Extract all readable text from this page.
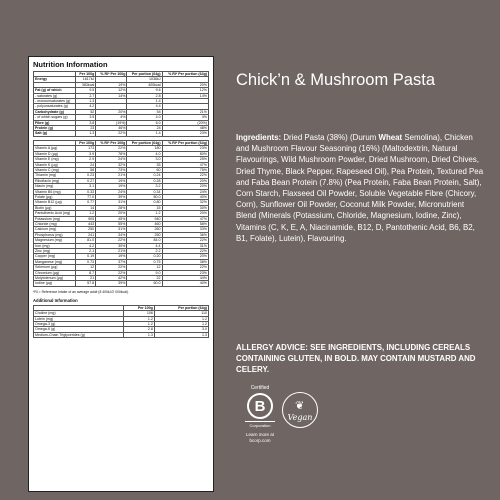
Nutrition Information
	Per 100g	% RI* Per 100g	Per portion (64g)	% RI* Per portion (64g)
Energy	1617kJ		1036kJ	
	383kcal	19%	400kcal	20%
Fat (g) of which	9.5	12%	9.6	12%
- saturates (g)	2.7	14%	2.8	14%
- monounsaturates (g)	1.3		1.4	
- polyunsaturates (g)	4.2		4.4	
Carbohydrate (g)	52	20%	54	21%
- of which sugars (g)	3.5	4%	4.0	4%
Fibre (g)	3.8	(19%)	6.0	(20%)
Protein (g)	23	46%	24	48%
Salt (g)	1.3	22%	1.4	23%
	Per 100g	% RI* Per 100g	Per portion (64g)	% RI* Per portion (64g)
Vitamin A (µg)	173	22%	180	23%
Vitamin D (µg)	3.9	78%	4.0	80%
Vitamin E (mg)	2.9	24%	3.0	25%
Vitamin K (µg)	24	32%	35	47%
Vitamin C (mg)	58	73%	60	75%
Thiamin (mg)	0.23	21%	0.24	22%
Riboflavin (mg)	0.27	19%	0.28	20%
Niacin (mg)	3.1	19%	3.2	20%
Vitamin B6 (mg)	0.33	24%	0.34	24%
Folate (µg)	77.0	39%	80.0	40%
Vitamin B12 (µg)	0.77	31%	0.80	32%
Biotin (µg)	14	28%	15	30%
Pantothenic Acid (mg)	1.2	20%	1.2	20%
Potassium (mg)	905	45%	940	47%
Chloride (mg)	443	55%	460	58%
Calcium (mg)	250	31%	260	33%
Phosphorus (mg)	241	34%	250	36%
Magnesium (mg)	81.0	22%	84.0	22%
Iron (mg)	4.2	30%	4.4	31%
Zinc (mg)	2.1	21%	2.2	22%
Copper (mg)	0.19	19%	0.20	20%
Manganese (mg)	0.73	37%	0.75	38%
Selenium (µg)	12	22%	12	22%
Chromium (µg)	8.7	22%	9.0	23%
Molybdenum (µg)	21	42%	22	44%
Iodine (µg)	57.8	39%	60.0	40%
*RI = Reference Intake of an average adult (8 400kJ/2 000kcal).
Additional Information
	Per 100g	Per portion (64g)
Choline (mg)	106	110
Lutein (mg)	1.2	1.2
Omega-3 (g)	1.2	1.2
Omega-6 (g)	2.8	3.0
Medium-Chain Triglycerides (g)	1.3	1.3
Chick’n & Mushroom Pasta

Ingredients: Dried Pasta (38%) (Durum Wheat Semolina), Chicken and Mushroom Flavour Seasoning (16%) (Maltodextrin, Natural Flavourings, Wild Mushroom Powder, Dried Mushroom, Dried Chives, Dried Thyme, Black Pepper, Rapeseed Oil), Pea Protein, Textured Pea and Faba Bean Protein (7.8%) (Pea Protein, Faba Bean Protein, Salt), Corn Starch, Flaxseed Oil Powder, Soluble Vegetable Fibre (Chicory, Corn), Sunflower Oil Powder, Coconut Milk Powder, Micronutrient Blend (Minerals (Potassium, Chloride, Magnesium, Iodine, Zinc), Vitamins (C, K, E, A, Niacinamide, B12, D, Pantothenic Acid, B6, B2, B1, Folate), Lutein), Flavouring.

ALLERGY ADVICE: SEE INGREDIENTS, INCLUDING CEREALS CONTAINING GLUTEN, IN BOLD. MAY CONTAIN MUSTARD AND CELERY.

Certified
B
Corporation
Learn more at bcorp.com
❦
Vegan
